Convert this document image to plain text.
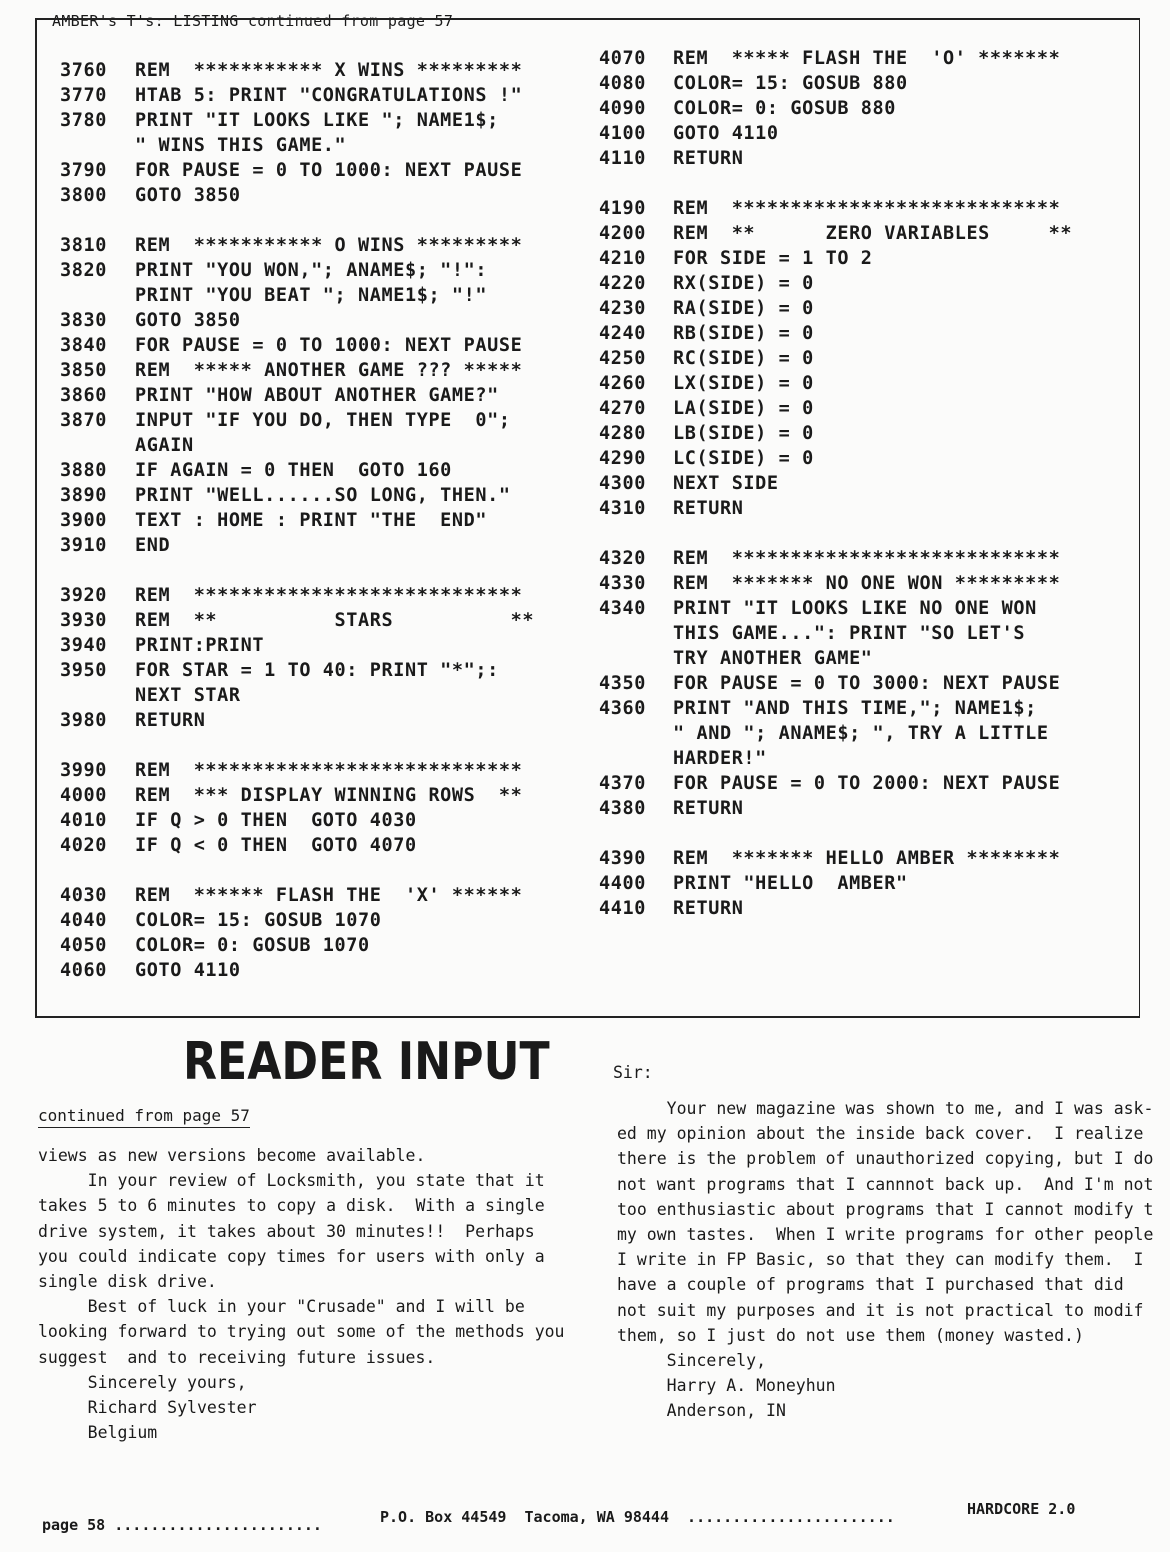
AMBER's T's: LISTING continued from page 57
3760 REM  *********** X WINS *********
3770 HTAB 5: PRINT "CONGRATULATIONS !"
3780 PRINT "IT LOOKS LIKE "; NAME1$;
" WINS THIS GAME."
3790 FOR PAUSE = 0 TO 1000: NEXT PAUSE
3800 GOTO 3850
3810 REM  *********** O WINS *********
3820 PRINT "YOU WON,"; ANAME$; "!":
PRINT "YOU BEAT "; NAME1$; "!"
3830 GOTO 3850
3840 FOR PAUSE = 0 TO 1000: NEXT PAUSE
3850 REM  ***** ANOTHER GAME ??? *****
3860 PRINT "HOW ABOUT ANOTHER GAME?"
3870 INPUT "IF YOU DO, THEN TYPE  0";
AGAIN
3880 IF AGAIN = 0 THEN  GOTO 160
3890 PRINT "WELL......SO LONG, THEN."
3900 TEXT : HOME : PRINT "THE  END"
3910 END
3920 REM  ****************************
3930 REM  **          STARS          **
3940 PRINT:PRINT
3950 FOR STAR = 1 TO 40: PRINT "*";:
NEXT STAR
3980 RETURN
3990 REM  ****************************
4000 REM  *** DISPLAY WINNING ROWS  **
4010 IF Q > 0 THEN  GOTO 4030
4020 IF Q < 0 THEN  GOTO 4070
4030 REM  ****** FLASH THE  'X' ******
4040 COLOR= 15: GOSUB 1070
4050 COLOR= 0: GOSUB 1070
4060 GOTO 4110
4070 REM  ***** FLASH THE  'O' *******
4080 COLOR= 15: GOSUB 880
4090 COLOR= 0: GOSUB 880
4100 GOTO 4110
4110 RETURN
4190 REM  ****************************
4200 REM  **      ZERO VARIABLES     **
4210 FOR SIDE = 1 TO 2
4220 RX(SIDE) = 0
4230 RA(SIDE) = 0
4240 RB(SIDE) = 0
4250 RC(SIDE) = 0
4260 LX(SIDE) = 0
4270 LA(SIDE) = 0
4280 LB(SIDE) = 0
4290 LC(SIDE) = 0
4300 NEXT SIDE
4310 RETURN
4320 REM  ****************************
4330 REM  ******* NO ONE WON *********
4340 PRINT "IT LOOKS LIKE NO ONE WON
THIS GAME...": PRINT "SO LET'S
TRY ANOTHER GAME"
4350 FOR PAUSE = 0 TO 3000: NEXT PAUSE
4360 PRINT "AND THIS TIME,"; NAME1$;
" AND "; ANAME$; ", TRY A LITTLE
HARDER!"
4370 FOR PAUSE = 0 TO 2000: NEXT PAUSE
4380 RETURN
4390 REM  ******* HELLO AMBER ********
4400 PRINT "HELLO  AMBER"
4410 RETURN
READER INPUT
continued from page 57
views as new versions become available.
In your review of Locksmith, you state that it
takes 5 to 6 minutes to copy a disk.  With a single
drive system, it takes about 30 minutes!!  Perhaps
you could indicate copy times for users with only a
single disk drive.
Best of luck in your "Crusade" and I will be
looking forward to trying out some of the methods you
suggest  and to receiving future issues.
Sincerely yours,
Richard Sylvester
Belgium
Sir:
Your new magazine was shown to me, and I was ask-
ed my opinion about the inside back cover.  I realize
there is the problem of unauthorized copying, but I do
not want programs that I cannnot back up.  And I'm not
too enthusiastic about programs that I cannot modify t
my own tastes.  When I write programs for other people
I write in FP Basic, so that they can modify them.  I
have a couple of programs that I purchased that did
not suit my purposes and it is not practical to modif
them, so I just do not use them (money wasted.)
Sincerely,
Harry A. Moneyhun
Anderson, IN
page 58 .......................	P.O. Box 44549  Tacoma, WA 98444  .......................	HARDCORE 2.0
